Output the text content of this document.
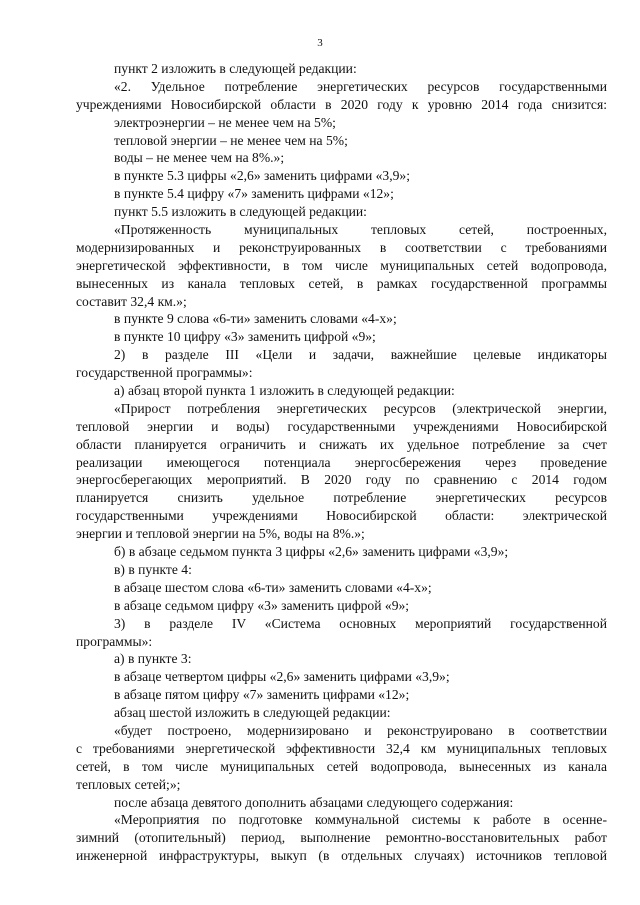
3
пункт 2 изложить в следующей редакции:
«2. Удельное потребление энергетических ресурсов государственными
учреждениями Новосибирской области в 2020 году к уровню 2014 года снизится:
электроэнергии – не менее чем на 5%;
тепловой энергии – не менее чем на 5%;
воды – не менее чем на 8%.»;
в пункте 5.3 цифры «2,6» заменить цифрами «3,9»;
в пункте 5.4 цифру «7» заменить цифрами «12»;
пункт 5.5 изложить в следующей редакции:
«Протяженность муниципальных тепловых сетей, построенных,
модернизированных и реконструированных в соответствии с требованиями
энергетической эффективности, в том числе муниципальных сетей водопровода,
вынесенных из канала тепловых сетей, в рамках государственной программы
составит 32,4 км.»;
в пункте 9 слова «6-ти» заменить словами «4-х»;
в пункте 10 цифру «3» заменить цифрой «9»;
2) в разделе III «Цели и задачи, важнейшие целевые индикаторы
государственной программы»:
а) абзац второй пункта 1 изложить в следующей редакции:
«Прирост потребления энергетических ресурсов (электрической энергии,
тепловой энергии и воды) государственными учреждениями Новосибирской
области планируется ограничить и снижать их удельное потребление за счет
реализации имеющегося потенциала энергосбережения через проведение
энергосберегающих мероприятий. В 2020 году по сравнению с 2014 годом
планируется снизить удельное потребление энергетических ресурсов
государственными учреждениями Новосибирской области: электрической
энергии и тепловой энергии на 5%, воды на 8%.»;
б) в абзаце седьмом пункта 3 цифры «2,6» заменить цифрами «3,9»;
в) в пункте 4:
в абзаце шестом слова «6-ти» заменить словами «4-х»;
в абзаце седьмом цифру «3» заменить цифрой «9»;
3) в разделе IV «Система основных мероприятий государственной
программы»:
а) в пункте 3:
в абзаце четвертом цифры «2,6» заменить цифрами «3,9»;
в абзаце пятом цифру «7» заменить цифрами «12»;
абзац шестой изложить в следующей редакции:
«будет построено, модернизировано и реконструировано в соответствии
с требованиями энергетической эффективности 32,4 км муниципальных тепловых
сетей, в том числе муниципальных сетей водопровода, вынесенных из канала
тепловых сетей;»;
после абзаца девятого дополнить абзацами следующего содержания:
«Мероприятия по подготовке коммунальной системы к работе в осенне-
зимний (отопительный) период, выполнение ремонтно-восстановительных работ
инженерной инфраструктуры, выкуп (в отдельных случаях) источников тепловой
